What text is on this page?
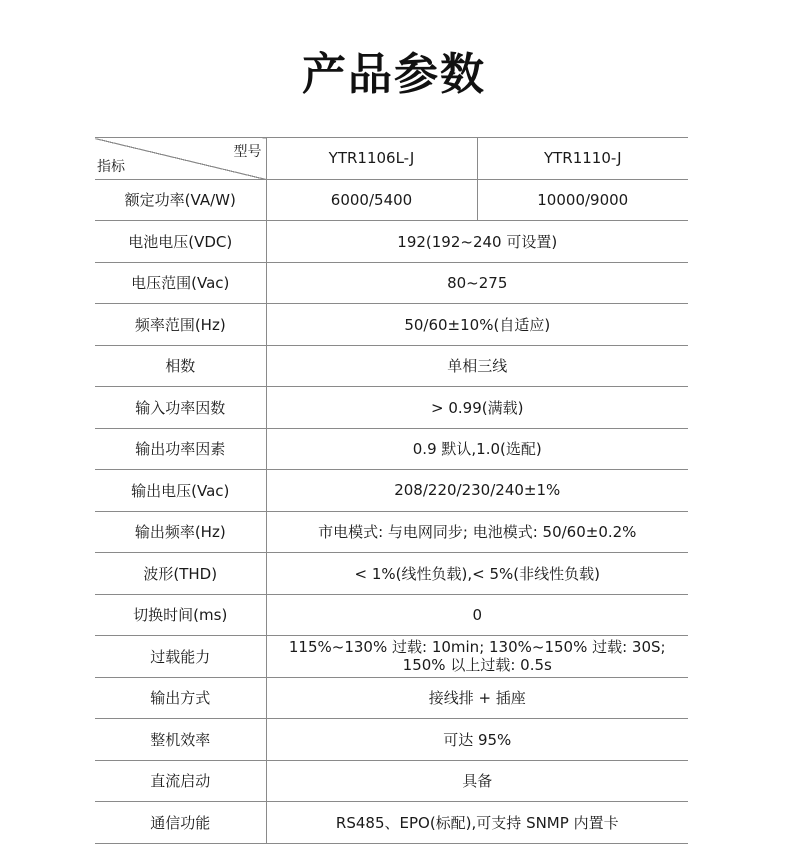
产品参数
型号
指标	YTR1106L-J	YTR1110-J
额定功率(VA/W)	6000/5400	10000/9000
电池电压(VDC)	192(192~240 可设置)	
电压范围(Vac)	80~275	
频率范围(Hz)	50/60±10%(自适应)	
相数	单相三线	
输入功率因数	> 0.99(满载)	
输出功率因素	0.9 默认,1.0(选配)	
输出电压(Vac)	208/220/230/240±1%	
输出频率(Hz)	市电模式: 与电网同步; 电池模式: 50/60±0.2%	
波形(THD)	< 1%(线性负载),< 5%(非线性负载)	
切换时间(ms)	0	
过载能力	115%~130% 过载: 10min; 130%~150% 过载: 30S;
150% 以上过载: 0.5s	

输出方式	接线排 + 插座	
整机效率	可达 95%	
直流启动	具备	
通信功能	RS485、EPO(标配),可支持 SNMP 内置卡	
